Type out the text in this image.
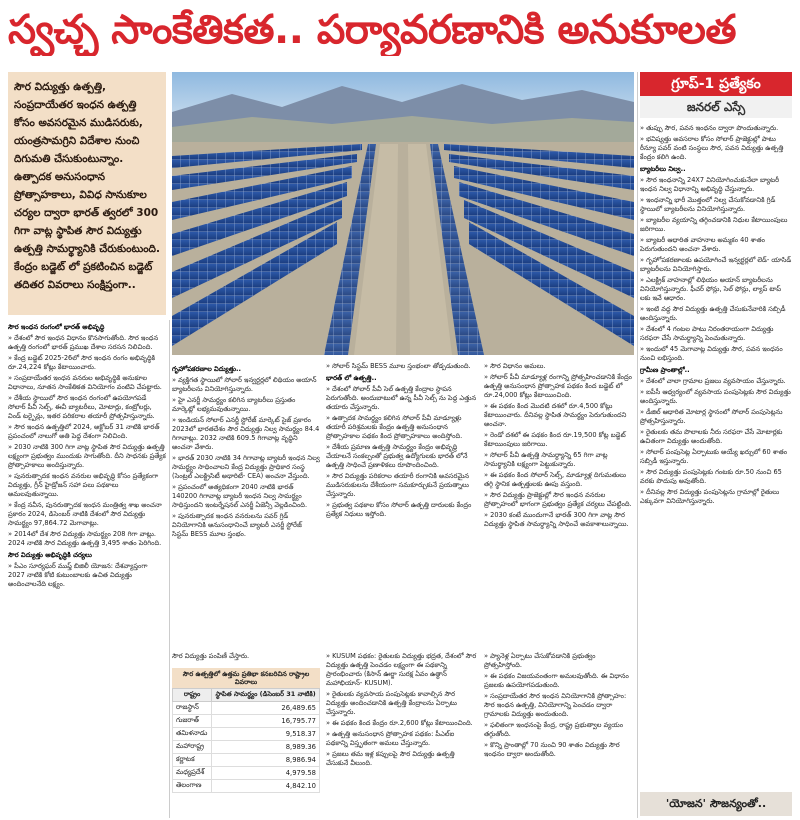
స్వచ్ఛ సాంకేతికత.. పర్యావరణానికి అనుకూలత
సౌర విద్యుత్తు ఉత్పత్తి, సంప్రదాయేతర ఇంధన ఉత్పత్తి కోసం అవసరమైన ముడిసరుకు, యంత్రసామగ్రిని విదేశాల నుంచి దిగుమతి చేసుకుంటున్నాం. ఉత్పాదక అనుసంధాన ప్రోత్సాహకాలు, వివిధ సానుకూల చర్యల ద్వారా భారత్ త్వరలో 300 గిగా వాట్ల స్థాపిత సౌర విద్యుత్తు ఉత్పత్తి సామర్థ్యానికి చేరుకుంటుంది. కేంద్రం బడ్జెట్ లో ప్రకటించిన బడ్జెట్ తదితర వివరాలు సంక్షిప్తంగా..
గ్రూప్-1 ప్రత్యేకం
జనరల్ ఎస్సే

సౌర ఇంధన రంగంలో భారత్ అభివృద్ధి

» దేశంలో సౌర ఇంధన విధానం కొనసాగుతోంది. సౌర ఇంధన ఉత్పత్తి రంగంలో భారత్ ప్రముఖ దేశాల సరసన నిలిచింది.

» కేంద్ర బడ్జెట్ 2025-26లో సౌర ఇంధన రంగం అభివృద్ధికి రూ.24,224 కోట్లు కేటాయించారు.

» సంప్రదాయేతర ఇంధన వనరుల అభివృద్ధికి అనుకూల విధానాలు, నూతన సాంకేతికత వినియోగం వంటివి చేపట్టారు.

» దేశీయ స్థాయిలో సౌర ఇంధన రంగంలో ఉపయోగపడే సోలార్ పీవీ సెల్స్, ఈవీ బ్యాటరీలు, మోటార్లు, కంట్రోలర్లు, విండ్ టర్బైన్లు, ఇతర పరికరాల తయారీ ప్రోత్సహిస్తున్నారు.

» సౌర ఇంధన ఉత్పత్తిలో 2024, అక్టోబర్ 31 నాటికి భారత్ ప్రపంచంలో నాలుగో అతి పెద్ద దేశంగా నిలిచింది.

» 2030 నాటికి 300 గిగా వాట్ల స్థాపిత సౌర విద్యుత్తు ఉత్పత్తి లక్ష్యంగా ప్రభుత్వం ముందుకు సాగుతోంది. దీని సాధనకు ప్రత్యేక ప్రోత్సాహకాలు అందిస్తున్నారు.

» పునరుత్పాదక ఇంధన వనరుల అభివృద్ధి కోసం ప్రత్యేకంగా విద్యుత్తు, గ్రీన్ హైడ్రోజన్ సహా పలు పథకాలు అమలవుతున్నాయి.

» కేంద్ర నవీన, పునరుత్పాదక ఇంధన మంత్రిత్వ శాఖ అంచనా ప్రకారం 2024, డిసెంబర్ నాటికి దేశంలో సౌర విద్యుత్తు సామర్థ్యం 97,864.72 మెగావాట్లు.

» 2014లో దేశ సౌర విద్యుత్తు సామర్థ్యం 208 గిగా వాట్లు. 2024 నాటికి సౌర విద్యుత్తు ఉత్పత్తి 3,495 శాతం పెరిగింది.

సౌర విద్యుత్తు అభివృద్ధికి చర్యలు

» పీఎం సూర్యఘర్ ముఫ్త్ బిజిలీ యోజన: దేశవ్యాప్తంగా 2027 నాటికి కోటి కుటుంబాలకు ఉచిత విద్యుత్తు అందించాలనేది లక్ష్యం.

గృహోపకరణాల విద్యుత్తు..

» వ్యక్తిగత స్థాయిలో సోలార్ ఇన్వర్టర్లలో లిథియం అయాన్ బ్యాటరీలను వినియోగిస్తున్నారు.

» హై ఎనర్జీ సామర్థ్యం కలిగిన బ్యాటరీలు ప్రస్తుతం మార్కెట్లో లభ్యమవుతున్నాయి.

» ఇండియన్ సోలార్ ఎనర్జీ స్టోరేజ్ మార్కెట్ సైజ్ ప్రకారం 2023లో భారతదేశం సౌర విద్యుత్తు నిల్వ సామర్థ్యం 84.4 గిగావాట్లు. 2032 నాటికి 609.5 గిగావాట్ల వృద్ధిని అంచనా వేశారు.

» భారత్ 2030 నాటికి 34 గిగావాట్ల బ్యాటరీ ఇంధన నిల్వ సామర్థ్యం సాధించాలని కేంద్ర విద్యుత్తు ప్రాధికార సంస్థ (సెంట్రల్ ఎలక్ట్రిసిటీ అథారిటీ- CEA) అంచనా వేస్తుంది.

» ప్రపంచంలో అత్యధికంగా 2040 నాటికి భారత్ 140200 గిగావాట్ల బ్యాటరీ ఇంధన నిల్వ సామర్థ్యం సాధిస్తుందని ఇంటర్నేషనల్ ఎనర్జీ ఏజెన్సీ వెల్లడించింది.

» పునరుత్పాదక ఇంధన వనరులను పవర్ గ్రిడ్ వినియోగానికి అనుసంధానించే బ్యాటరీ ఎనర్జీ స్టోరేజ్ సిస్టమ్ BESS మూల స్తంభం.

» సోలార్ సిస్టమ్ BESS మూల స్తంభంలా తోడ్పడుతుంది.

భారత్ లో ఉత్పత్తి..

» దేశంలో సోలార్ పీవీ సెల్ ఉత్పత్తి కేంద్రాల స్థాపన పెరుగుతోంది. అందుబాటులో ఉన్న పీవీ సెల్స్ ను పెద్ద ఎత్తున తయారు చేస్తున్నారు.

» ఉత్పాదక సామర్థ్యం కలిగిన సోలార్ పీవీ మాడ్యూళ్లు తయారీ పరిశ్రమలకు కేంద్రం ఉత్పత్తి అనుసంధాన ప్రోత్సాహకాల పథకం కింద ప్రోత్సాహకాలు అందిస్తోంది.

» దేశీయ ప్రమాణ ఉత్పత్తి సామర్థ్యం కేంద్రం అభివృద్ధి చేయాలనే సంకల్పంతో ప్రభుత్వ ఉద్యోగులకు భారత్ లోనే ఉత్పత్తి సాధించే ప్రణాళికలు రూపొందించింది.

» సౌర విద్యుత్తు పరికరాల తయారీ రంగానికి అవసరమైన ముడిసరుకులను దేశీయంగా సమకూర్చుకునే ప్రయత్నాలు చేస్తున్నారు.

» ప్రభుత్వ పథకాల కోసం సోలార్ ఉత్పత్తి దారులకు కేంద్రం ప్రత్యేక నిధులు ఇస్తోంది.

» సౌర విధానం అమలు.

» సోలార్ పీవీ మాడ్యూళ్ల రంగాన్ని ప్రోత్సహించడానికి కేంద్రం ఉత్పత్తి అనుసంధాన ప్రోత్సాహక పథకం కింద బడ్జెట్ లో రూ.24,000 కోట్లు కేటాయించింది.

» ఈ పథకం కింద మొదటి దశలో రూ.4,500 కోట్లు కేటాయించారు. దీనివల్ల స్థాపిత సామర్థ్యం పెరుగుతుందని అంచనా.

» రెండో దశలో ఈ పథకం కింద రూ.19,500 కోట్ల బడ్జెట్ కేటాయింపులు జరిగాయి.

» సోలార్ పీవీ ఉత్పత్తి సామర్థ్యాన్ని 65 గిగా వాట్ల సామర్థ్యానికి లక్ష్యంగా పెట్టుకున్నారు.

» ఈ పథకం కింద సోలార్ సెల్స్, మాడ్యూళ్ల దిగుమతులు తగ్గి స్థానిక ఉత్పత్తులకు ఊపు వస్తుంది.

» సౌర విద్యుత్తు ప్రాజెక్టుల్లో సౌర ఇంధన వనరుల ప్రోత్సాహంలో భాగంగా ప్రభుత్వం ప్రత్యేక చర్యలు చేపట్టింది.

» 2030 కంటే ముందుగానే భారత్ 300 గిగా వాట్ల సౌర విద్యుత్తు స్థాపిత సామర్థ్యాన్ని సాధించే అవకాశాలున్నాయి.

» తుప్పు సౌర, పవన ఇంధనం ద్వారా పొందుతున్నారు.

» భవిష్యత్తు అవసరాల కోసం సోలార్ ప్రాజెక్టుల్లో పాటు రీన్యూ పవర్ వంటి సంస్థలు సౌర, పవన విద్యుత్తు ఉత్పత్తి కేంద్రం కలిగి ఉంది.

బ్యాటరీలు నిల్వ..

» సౌర ఇంధనాన్ని 24X7 వినియోగించుకునేలా బ్యాటరీ ఇంధన నిల్వ విధానాన్ని అభివృద్ధి చేస్తున్నారు.

» ఇంధనాన్ని భారీ మొత్తంలో నిల్వ చేసుకోవడానికి గ్రిడ్ స్థాయిలో బ్యాటరీలను వినియోగిస్తున్నారు.

» బ్యాటరీల వ్యయాన్ని తగ్గించడానికి నిధుల కేటాయింపులు జరిగాయి.

» బ్యాటరీ ఆధారిత వాహనాల అమ్మకం 40 శాతం పెరుగుతుందని అంచనా వేశారు.

» గృహోపకరణాలకు ఉపయోగించే ఇన్వర్టర్లలో లెడ్- యాసిడ్ బ్యాటరీలను వినియోగిస్తారు.

» ఎలక్ట్రిక్ వాహనాల్లో లిథియం అయాన్ బ్యాటరీలను వినియోగిస్తున్నారు. ఫీచర్ ఫోన్లు, సెల్ ఫోన్లు, ల్యాప్ టాప్ లకు ఇవే ఆధారం.

» ఇంటి వద్ద సౌర విద్యుత్తు ఉత్పత్తి చేసుకునేవారికి సబ్సిడీ అందిస్తున్నారు.

» దేశంలో 4 గంటల పాటు నిరంతరాయంగా విద్యుత్తు సరఫరా చేసే సామర్థ్యాన్ని పెంచుతున్నారు.

» ఇందులో 45 మెగావాట్ల విద్యుత్తు సౌర, పవన ఇంధనం నుంచి లభిస్తుంది.

గ్రామీణ ప్రాంతాల్లో..

» దేశంలో చాలా గ్రామాల ప్రజలు వ్యవసాయం చేస్తున్నారు.

» ఐపీసీ ఆధ్వర్యంలో వ్యవసాయ పంపుసెట్లకు సౌర విద్యుత్తు అందిస్తున్నారు.

» డీజిల్ ఆధారిత మోటార్ల స్థానంలో సోలార్ పంపుసెట్లను ప్రోత్సహిస్తున్నారు.

» రైతులకు తమ పొలాలకు నీరు సరఫరా చేసే మోటార్లకు ఉచితంగా విద్యుత్తు అందుతోంది.

» సోలార్ పంపుసెట్ల ఏర్పాటుకు అయ్యే ఖర్చులో 60 శాతం సబ్సిడీ ఇస్తున్నారు.

» సౌర విద్యుత్తు పంపుసెట్లకు గంటకు రూ.50 నుంచి 65 వరకు పొదుపు అవుతోంది.

» దీనివల్ల సౌర విద్యుత్తు పంపుసెట్లను గ్రామాల్లో రైతులు ఎక్కువగా వినియోగిస్తున్నారు.

సౌర విద్యుత్తు పంపిణీ చేస్తారు.
సౌర ఉత్పత్తిలో ఉత్తమ ప్రతిభా కనబరిచిన రాష్ట్రాల వివరాలు
రాష్ట్రం	స్థాపిత సామర్థ్యం (డిసెంబర్ 31 నాటికి)
రాజస్థాన్	26,489.65
గుజరాత్	16,795.77
తమిళనాడు	9,518.37
మహారాష్ట్ర	8,989.36
కర్ణాటక	8,986.94
మధ్యప్రదేశ్	4,979.58
తెలంగాణ	4,842.10

» KUSUM పథకం: రైతులకు విద్యుత్తు భద్రత, దేశంలో సౌర విద్యుత్తు ఉత్పత్తి పెంచడం లక్ష్యంగా ఈ పథకాన్ని ప్రారంభించారు (కిసాన్ ఊర్జా సురక్ష ఏవం ఉత్థాన్ మహాభియాన్- KUSUM).

» రైతులకు వ్యవసాయ పంపుసెట్లకు కావాల్సిన సౌర విద్యుత్తు అందించడానికి ఉత్పత్తి కేంద్రాలను ఏర్పాటు చేస్తున్నారు.

» ఈ పథకం కింద కేంద్రం రూ.2,600 కోట్లు కేటాయించింది.

» ఉత్పత్తి అనుసంధాన ప్రోత్సాహక పథకం: పీఎల్ఐ పథకాన్ని విస్తృతంగా అమలు చేస్తున్నారు.

» ప్రజలు తమ ఇళ్ల కప్పులపై సౌర విద్యుత్తు ఉత్పత్తి చేసుకునే వీలుంది.

» ప్యానెళ్ల ఏర్పాటు చేసుకోవడానికి ప్రభుత్వం ప్రోత్సహిస్తోంది.

» ఈ పథకం విజయవంతంగా అమలవుతోంది. ఈ విధానం ప్రజలకు ఉపయోగపడుతుంది.

» సంప్రదాయేతర సౌర ఇంధన వినియోగానికి ప్రోత్సాహం: సౌర ఇంధన ఉత్పత్తి, వినియోగాన్ని పెంచడం ద్వారా గ్రామాలకు విద్యుత్తు అందుతుంది.

» ఫలితంగా ఇంధనంపై కేంద్ర, రాష్ట్ర ప్రభుత్వాల వ్యయం తగ్గుతోంది.

» కొన్ని ప్రాంతాల్లో 70 నుంచి 90 శాతం విద్యుత్తు సౌర ఇంధనం ద్వారా అందుతోంది.

'యోజన' సౌజన్యంతో..
